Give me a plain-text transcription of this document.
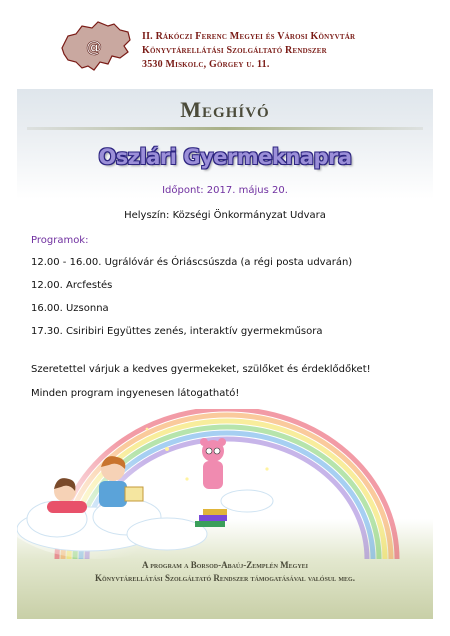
@
II. Rákóczi Ferenc Megyei és Városi Könyvtár
Könyvtárellátási Szolgáltató Rendszer
3530 Miskolc, Görgey u. 11.
Meghívó
Oszlári Gyermeknapra
Időpont: 2017. május 20.
Helyszín: Községi Önkormányzat Udvara
Programok:
12.00 - 16.00. Ugrálóvár és Óriáscsúszda (a régi posta udvarán)
12.00. Arcfestés
16.00. Uzsonna
17.30. Csiribiri Együttes zenés, interaktív gyermekműsora
Szeretettel várjuk a kedves gyermekeket, szülőket és érdeklődőket!
Minden program ingyenesen látogatható!
A program a Borsod-Abaúj-Zemplén Megyei
Könyvtárellátási Szolgáltató Rendszer támogatásával valósul meg.
